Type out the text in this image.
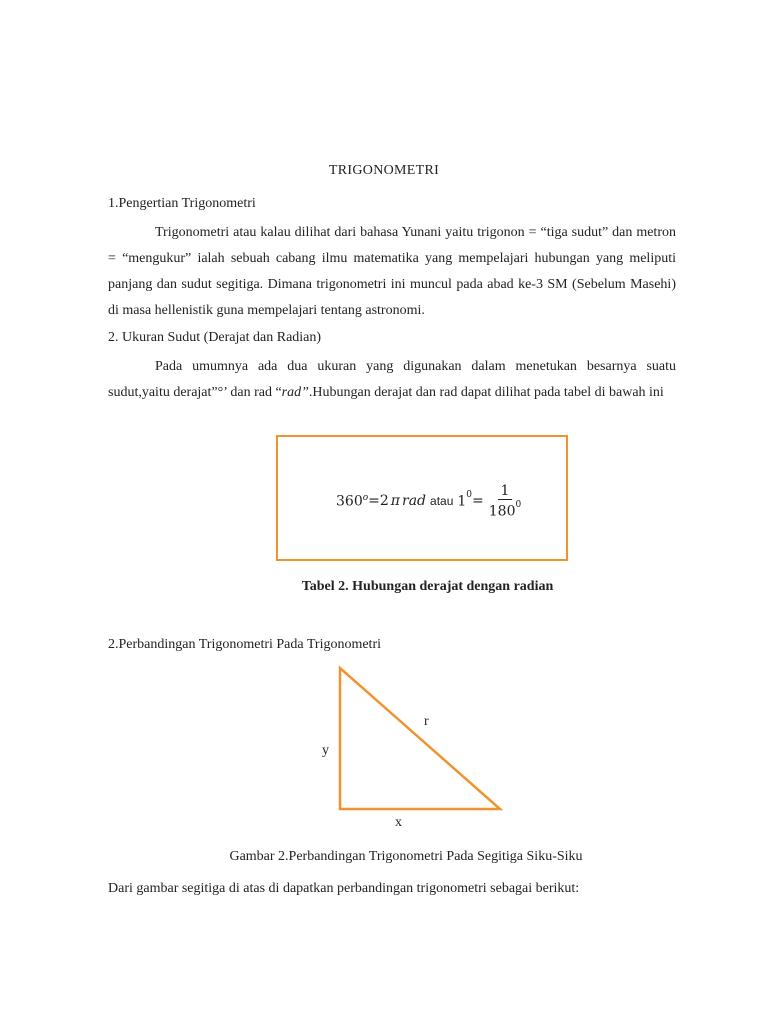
TRIGONOMETRI
1.Pengertian Trigonometri
Trigonometri atau kalau dilihat dari bahasa Yunani yaitu trigonon = “tiga sudut” dan metron = “mengukur” ialah sebuah cabang ilmu matematika yang mempelajari hubungan yang meliputi panjang dan sudut segitiga. Dimana trigonometri ini muncul pada abad ke-3 SM (Sebelum Masehi) di masa hellenistik guna mempelajari tentang astronomi.
2. Ukuran Sudut (Derajat dan Radian)
Pada umumnya ada dua ukuran yang digunakan dalam menetukan besarnya suatu sudut,yaitu derajat”°’ dan rad “rad”.Hubungan derajat dan rad dapat dilihat pada tabel di bawah ini
$360^o =2$ π rad atau $1^0 = \frac{1}{180^0}$
Tabel 2. Hubungan derajat dengan radian
2.Perbandingan Trigonometri Pada Trigonometri
r
y
x
Gambar 2.Perbandingan Trigonometri Pada Segitiga Siku-Siku
Dari gambar segitiga di atas di dapatkan perbandingan trigonometri sebagai berikut:
